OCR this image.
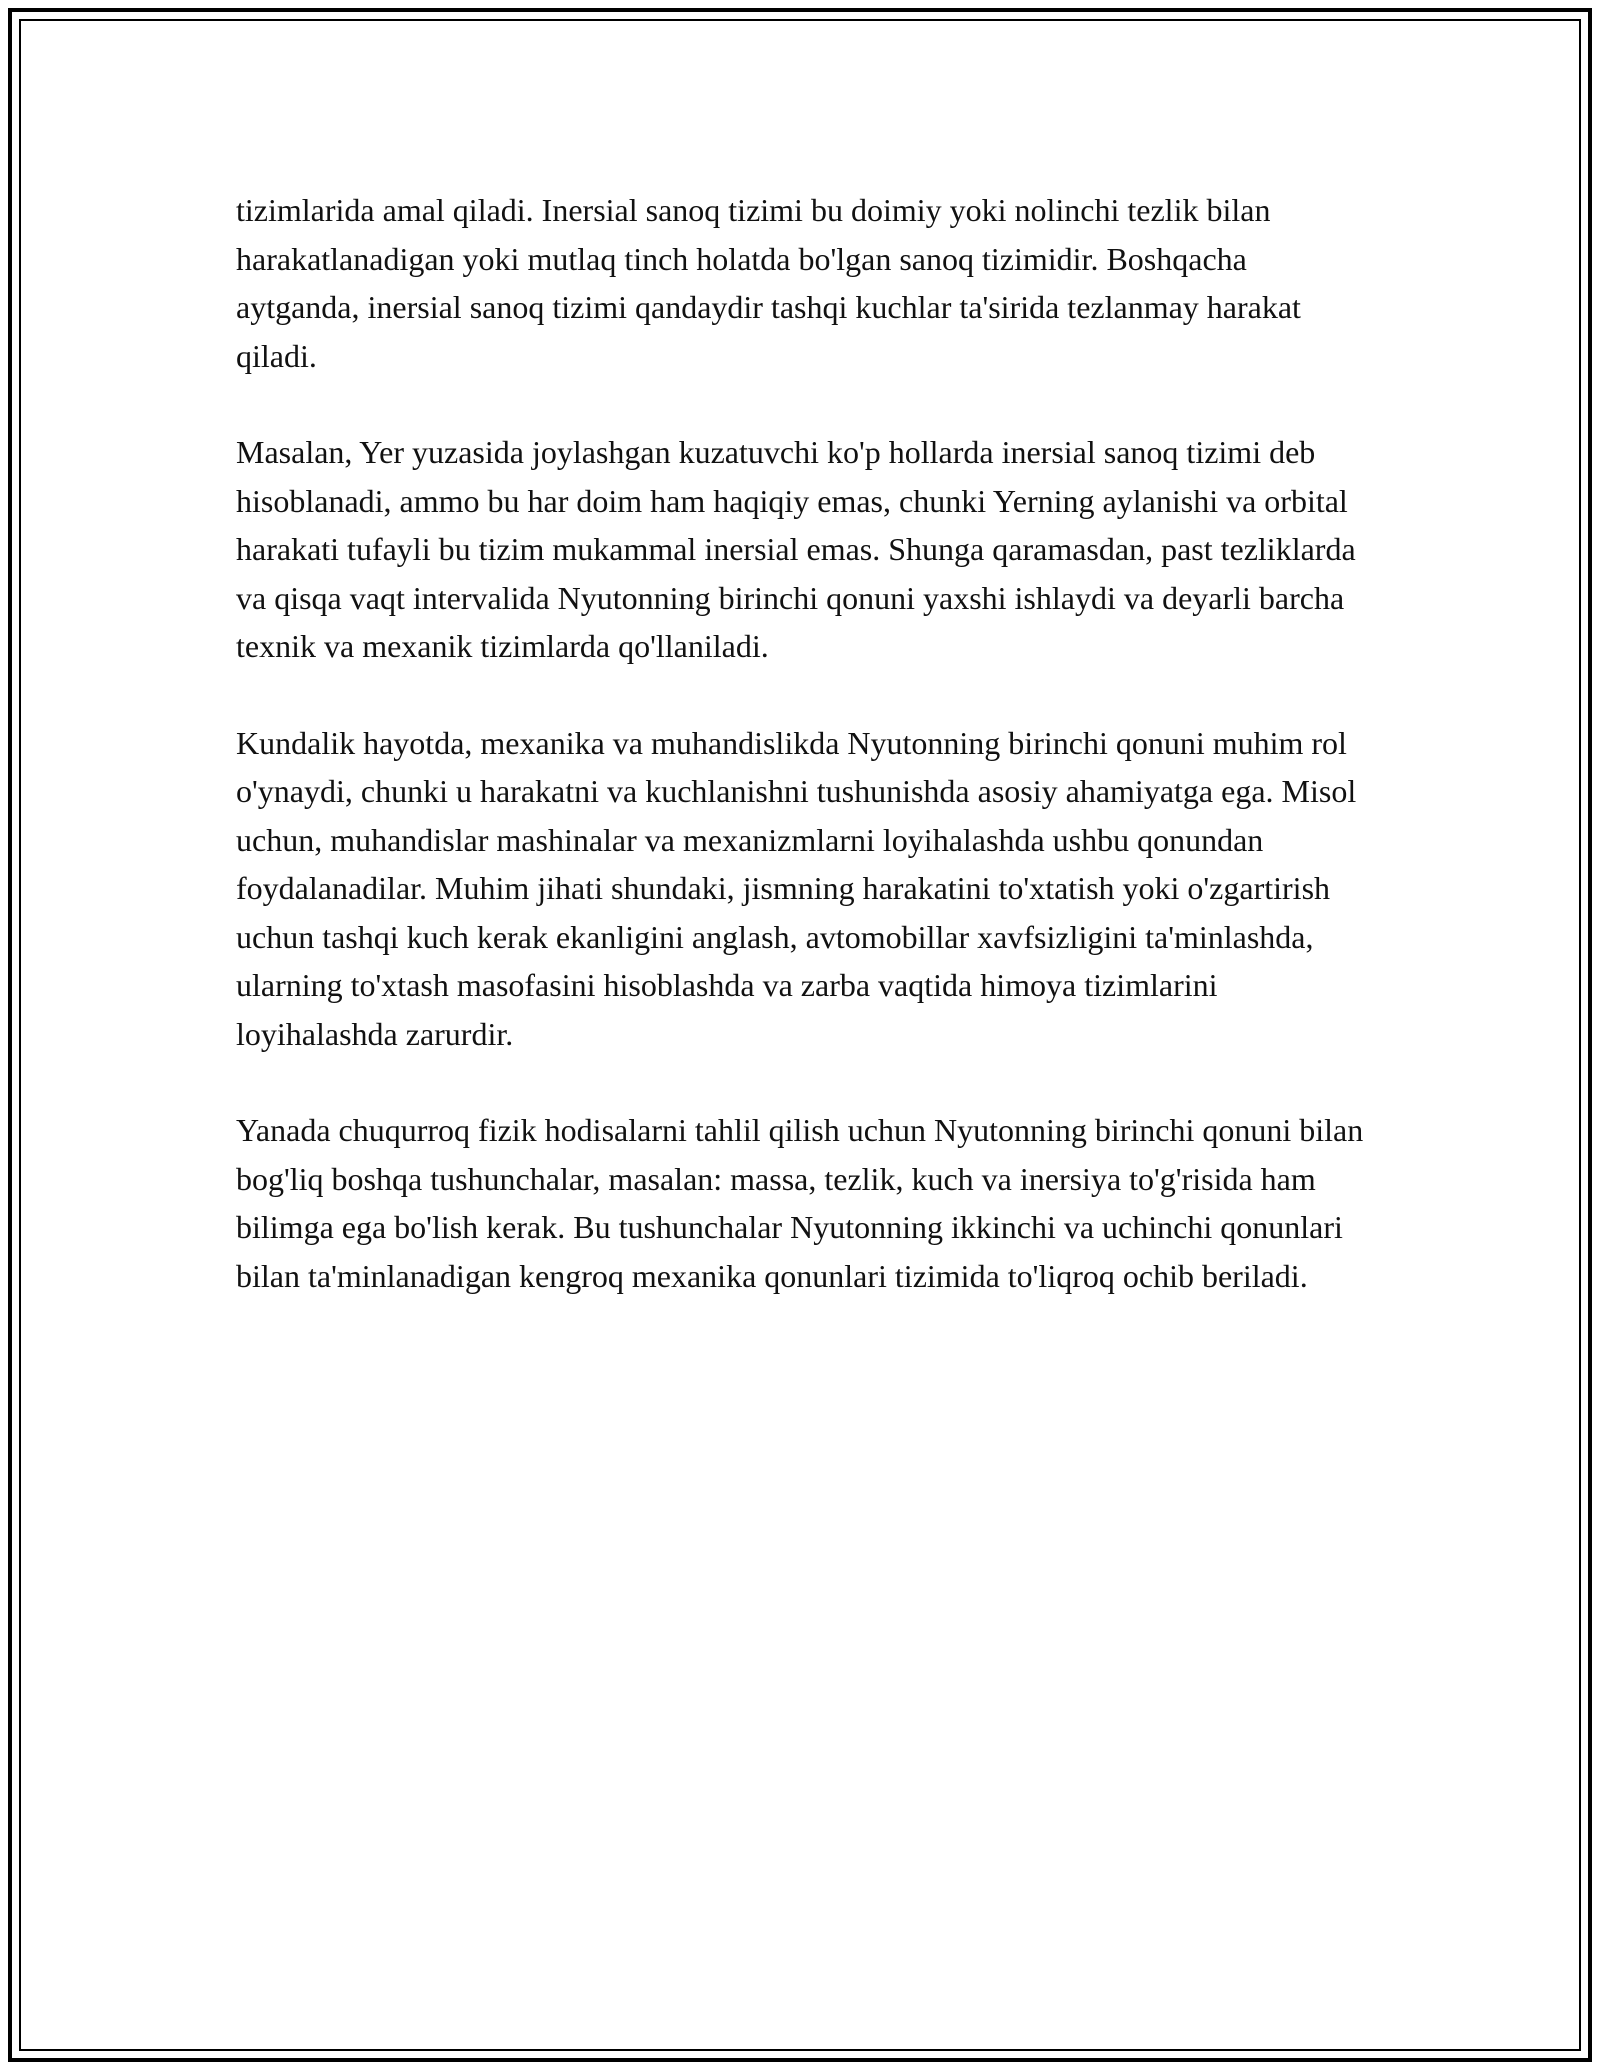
tizimlarida amal qiladi. Inersial sanoq tizimi bu doimiy yoki nolinchi tezlik bilan harakatlanadigan yoki mutlaq tinch holatda bo'lgan sanoq tizimidir. Boshqacha aytganda, inersial sanoq tizimi qandaydir tashqi kuchlar ta'sirida tezlanmay harakat qiladi.

Masalan, Yer yuzasida joylashgan kuzatuvchi ko'p hollarda inersial sanoq tizimi deb hisoblanadi, ammo bu har doim ham haqiqiy emas, chunki Yerning aylanishi va orbital harakati tufayli bu tizim mukammal inersial emas. Shunga qaramasdan, past tezliklarda va qisqa vaqt intervalida Nyutonning birinchi qonuni yaxshi ishlaydi va deyarli barcha texnik va mexanik tizimlarda qo'llaniladi.

Kundalik hayotda, mexanika va muhandislikda Nyutonning birinchi qonuni muhim rol o'ynaydi, chunki u harakatni va kuchlanishni tushunishda asosiy ahamiyatga ega. Misol uchun, muhandislar mashinalar va mexanizmlarni loyihalashda ushbu qonundan foydalanadilar. Muhim jihati shundaki, jismning harakatini to'xtatish yoki o'zgartirish uchun tashqi kuch kerak ekanligini anglash, avtomobillar xavfsizligini ta'minlashda, ularning to'xtash masofasini hisoblashda va zarba vaqtida himoya tizimlarini loyihalashda zarurdir.

Yanada chuqurroq fizik hodisalarni tahlil qilish uchun Nyutonning birinchi qonuni bilan bog'liq boshqa tushunchalar, masalan: massa, tezlik, kuch va inersiya to'g'risida ham bilimga ega bo'lish kerak. Bu tushunchalar Nyutonning ikkinchi va uchinchi qonunlari bilan ta'minlanadigan kengroq mexanika qonunlari tizimida to'liqroq ochib beriladi.
